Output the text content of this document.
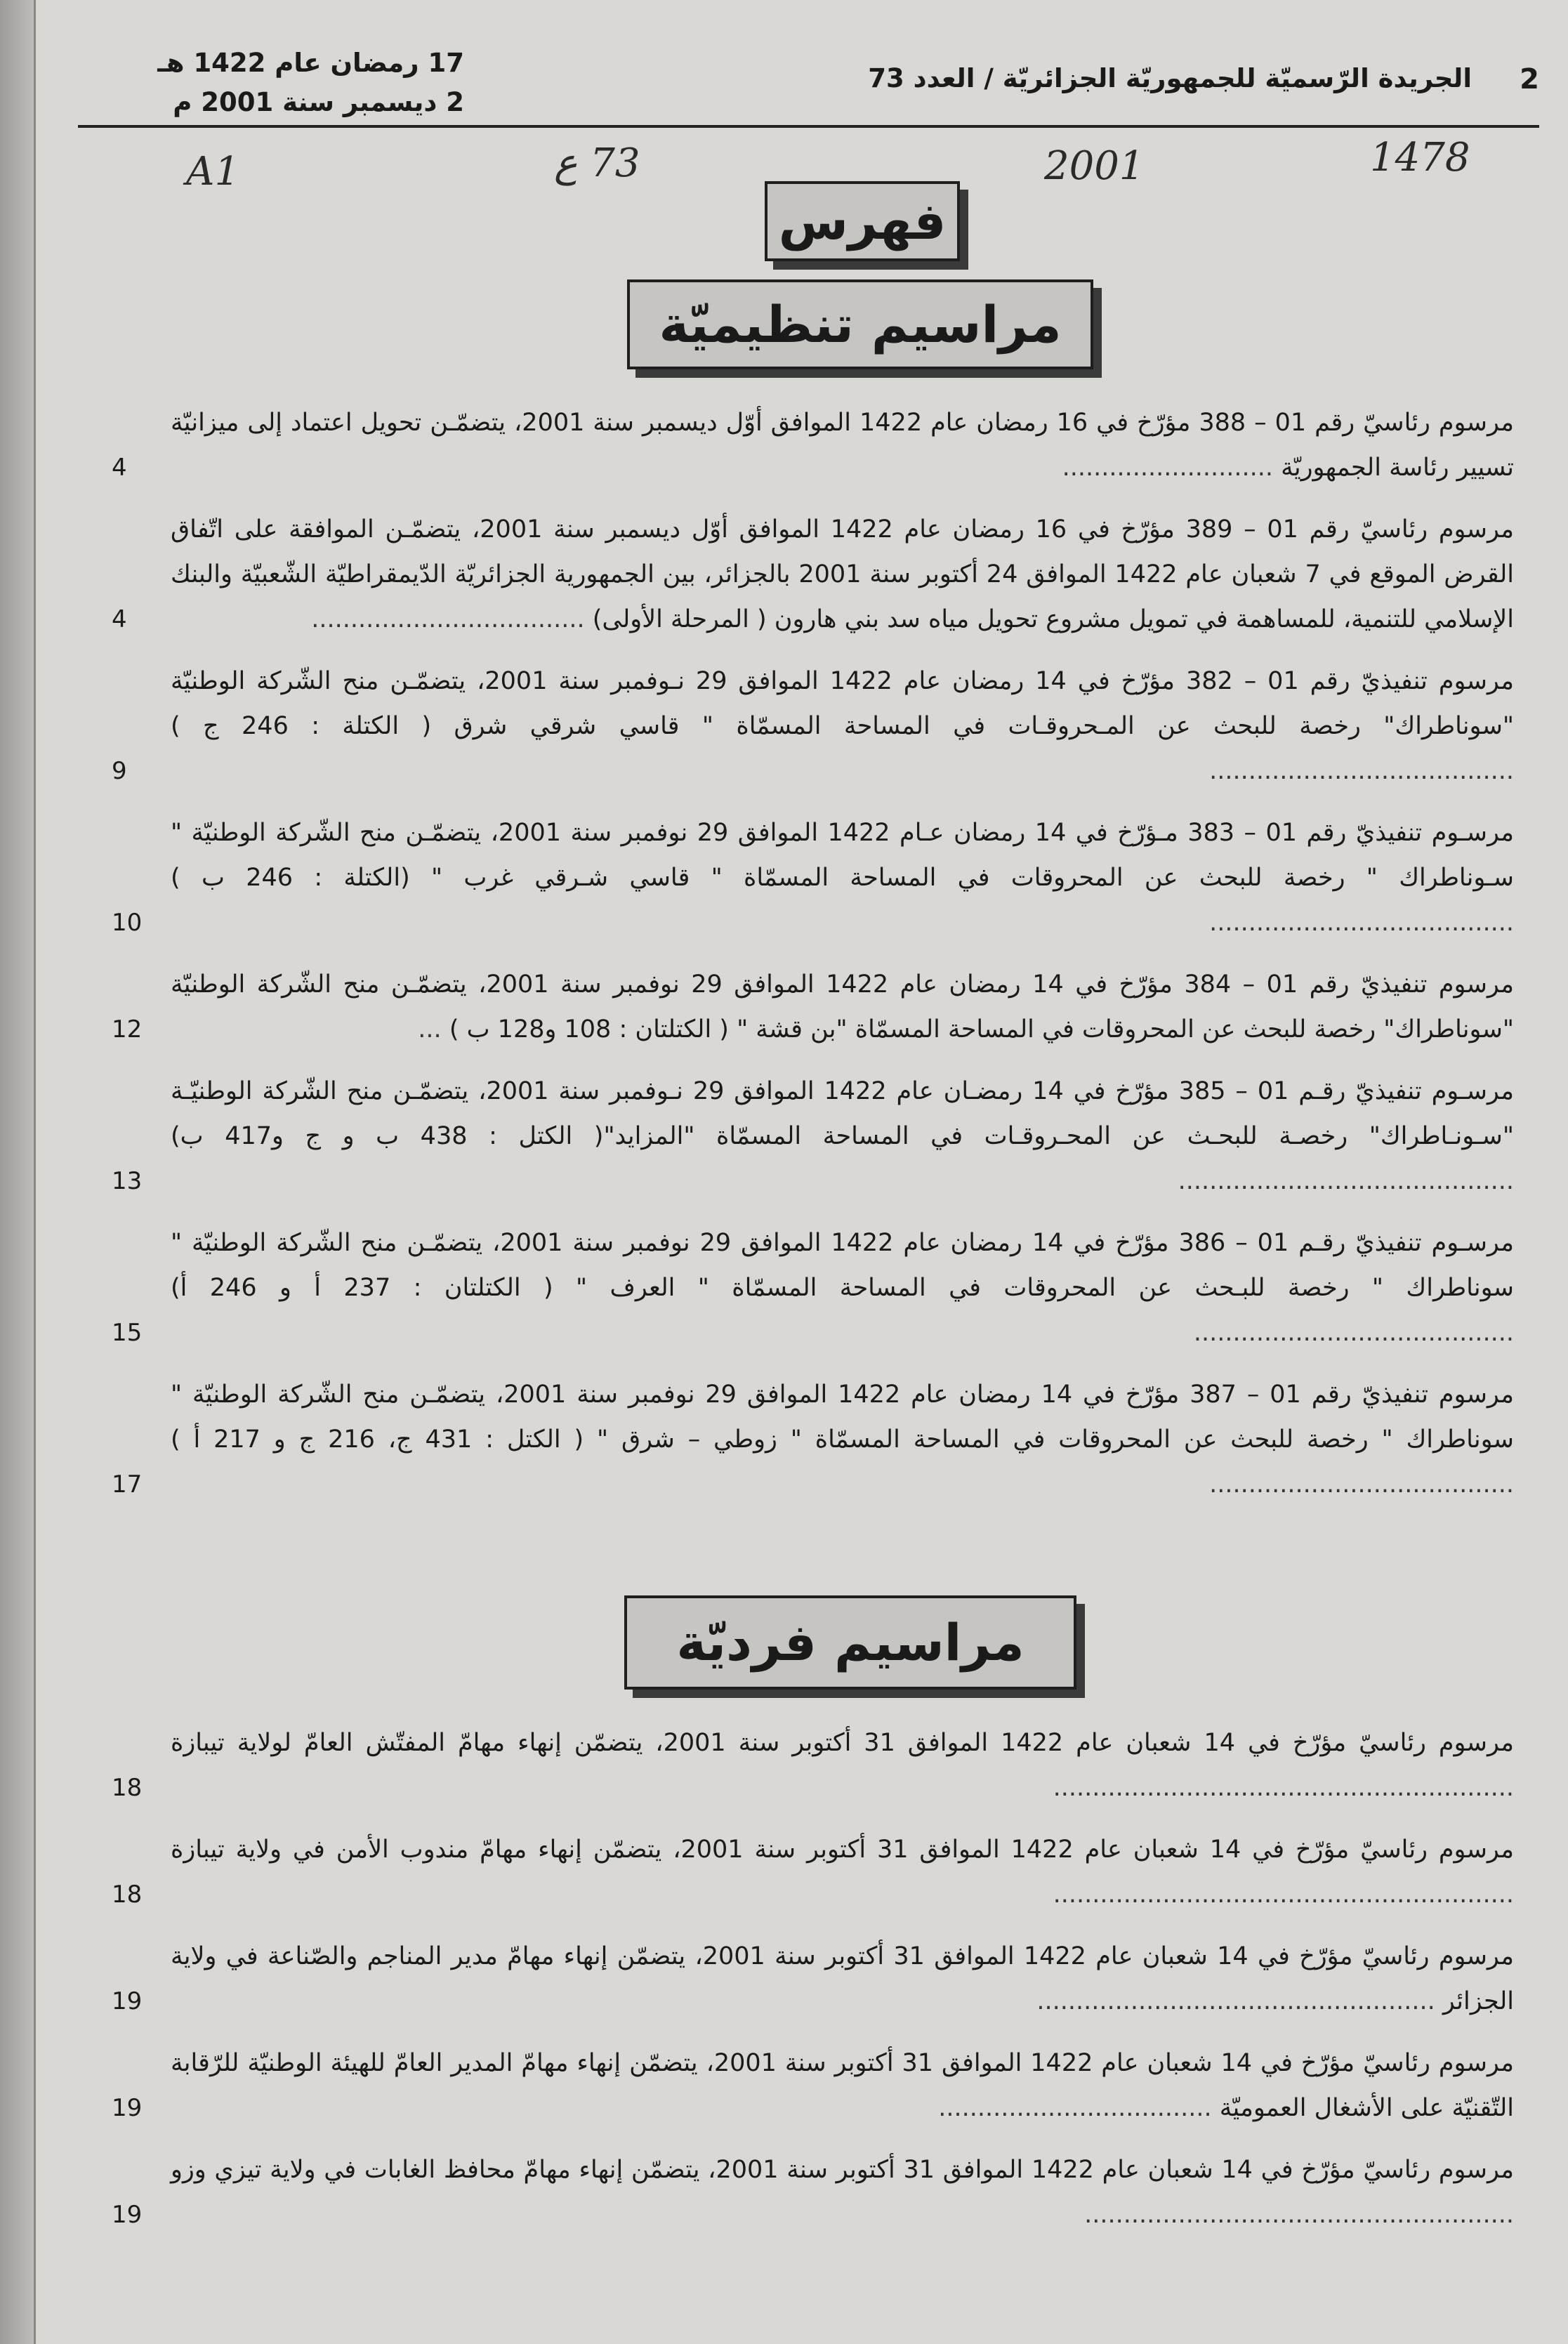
2
الجريدة الرّسميّة للجمهوريّة الجزائريّة / العدد 73
17 رمضان عام 1422 هـ
2 ديسمبر سنة 2001 م
A1	73 ع	2001	1478
فهرس
مراسيم تنظيميّة
مرسوم رئاسيّ رقم 01 – 388 مؤرّخ في 16 رمضان عام 1422 الموافق أوّل ديسمبر سنة 2001، يتضمّـن تحويل اعتماد إلى ميزانيّة تسيير رئاسة الجمهوريّة ...........................
4
مرسوم رئاسيّ رقم 01 – 389 مؤرّخ في 16 رمضان عام 1422 الموافق أوّل ديسمبر سنة 2001، يتضمّـن الموافقة على اتّفاق القرض الموقع في 7 شعبان عام 1422 الموافق 24 أكتوبر سنة 2001 بالجزائر، بين الجمهورية الجزائريّة الدّيمقراطيّة الشّعبيّة والبنك الإسلامي للتنمية، للمساهمة في تمويل مشروع تحويل مياه سد بني هارون ( المرحلة الأولى) ...................................
4
مرسوم تنفيذيّ رقم 01 – 382 مؤرّخ في 14 رمضان عام 1422 الموافق 29 نـوفمبر سنة 2001، يتضمّـن منح الشّركة الوطنيّة "سوناطراك" رخصة للبحث عن المـحروقـات في المساحة المسمّاة " قاسي شرقي شرق ( الكتلة : 246 ج ) .......................................
9
مرسـوم تنفيذيّ رقم 01 – 383 مـؤرّخ في 14 رمضان عـام 1422 الموافق 29 نوفمبر سنة 2001، يتضمّـن منح الشّركة الوطنيّة " سـوناطراك " رخصة للبحث عن المحروقات في المساحة المسمّاة " قاسي شـرقي غرب " (الكتلة : 246 ب ) .......................................
10
مرسوم تنفيذيّ رقم 01 – 384 مؤرّخ في 14 رمضان عام 1422 الموافق 29 نوفمبر سنة 2001، يتضمّـن منح الشّركة الوطنيّة "سوناطراك" رخصة للبحث عن المحروقات في المساحة المسمّاة "بن قشة " ( الكتلتان : 108 و128 ب ) ...
12
مرسـوم تنفيذيّ رقـم 01 – 385 مؤرّخ في 14 رمضـان عام 1422 الموافق 29 نـوفمبر سنة 2001، يتضمّـن منح الشّركة الوطنيّـة "سـونـاطراك" رخصـة للبحـث عن المحـروقـات في المساحة المسمّاة "المزايد"( الكتل : 438 ب و ج و417 ب) ...........................................
13
مرسـوم تنفيذيّ رقـم 01 – 386 مؤرّخ في 14 رمضان عام 1422 الموافق 29 نوفمبر سنة 2001، يتضمّـن منح الشّركة الوطنيّة " سوناطراك " رخصة للبـحث عن المحروقات في المساحة المسمّاة " العرف " ( الكتلتان : 237 أ و 246 أ) .........................................
15
مرسوم تنفيذيّ رقم 01 – 387 مؤرّخ في 14 رمضان عام 1422 الموافق 29 نوفمبر سنة 2001، يتضمّـن منح الشّركة الوطنيّة " سوناطراك " رخصة للبحث عن المحروقات في المساحة المسمّاة " زوطي – شرق " ( الكتل : 431 ج، 216 ج و 217 أ ) .......................................
17
مراسيم فرديّة
مرسوم رئاسيّ مؤرّخ في 14 شعبان عام 1422 الموافق 31 أكتوبر سنة 2001، يتضمّن إنهاء مهامّ المفتّش العامّ لولاية تيبازة ...........................................................
18
مرسوم رئاسيّ مؤرّخ في 14 شعبان عام 1422 الموافق 31 أكتوبر سنة 2001، يتضمّن إنهاء مهامّ مندوب الأمن في ولاية تيبازة ...........................................................
18
مرسوم رئاسيّ مؤرّخ في 14 شعبان عام 1422 الموافق 31 أكتوبر سنة 2001، يتضمّن إنهاء مهامّ مدير المناجم والصّناعة في ولاية الجزائر ...................................................
19
مرسوم رئاسيّ مؤرّخ في 14 شعبان عام 1422 الموافق 31 أكتوبر سنة 2001، يتضمّن إنهاء مهامّ المدير العامّ للهيئة الوطنيّة للرّقابة التّقنيّة على الأشغال العموميّة ...................................
19
مرسوم رئاسيّ مؤرّخ في 14 شعبان عام 1422 الموافق 31 أكتوبر سنة 2001، يتضمّن إنهاء مهامّ محافظ الغابات في ولاية تيزي وزو .......................................................
19
